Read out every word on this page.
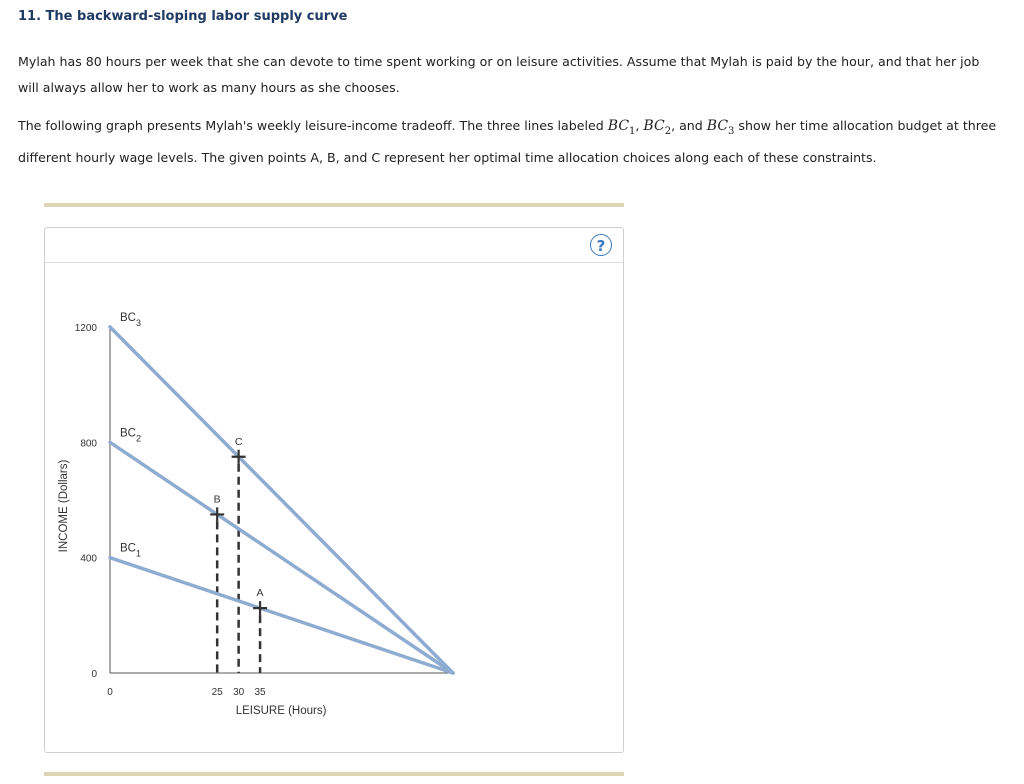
11. The backward-sloping labor supply curve
Mylah has 80 hours per week that she can devote to time spent working or on leisure activities. Assume that Mylah is paid by the hour, and that her job will always allow her to work as many hours as she chooses.
The following graph presents Mylah's weekly leisure-income tradeoff. The three lines labeled $BC_1$, $BC_2$, and $BC_3$ show her time allocation budget at three different hourly wage levels. The given points A, B, and C represent her optimal time allocation choices along each of these constraints.
?
0
400
800
1200
0	25 30 35
INCOME (Dollars)
LEISURE (Hours)
$BC_1$
$BC_2$
$BC_3$
A
B
C
